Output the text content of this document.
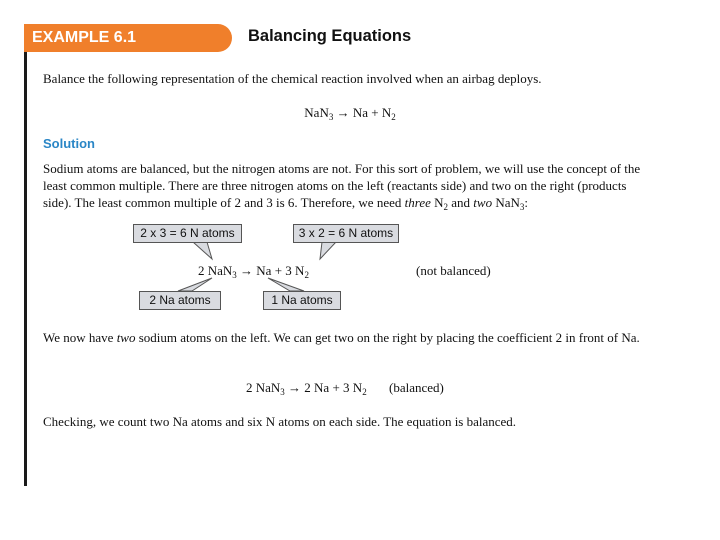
EXAMPLE 6.1	Balancing Equations
Balance the following representation of the chemical reaction involved when an airbag deploys.
$NaN_3 \to Na + N_2$
Solution
Sodium atoms are balanced, but the nitrogen atoms are not. For this sort of problem, we will use the concept of the least common multiple. There are three nitrogen atoms on the left (reactants side) and two on the right (products side). The least common multiple of 2 and 3 is 6. Therefore, we need three $N_2$ and two NaN$_3$:
2 x 3 = 6 N atoms	3 x 2 = 6 N atoms
2 Na atoms	1 Na atoms
2 NaN$_3$ → Na + 3 $N_2$	(not balanced)
We now have two sodium atoms on the left. We can get two on the right by placing the coefficient 2 in front of Na.
2 NaN$_3$ → 2 Na + 3 $N_2$	(balanced)
Checking, we count two Na atoms and six N atoms on each side. The equation is balanced.
